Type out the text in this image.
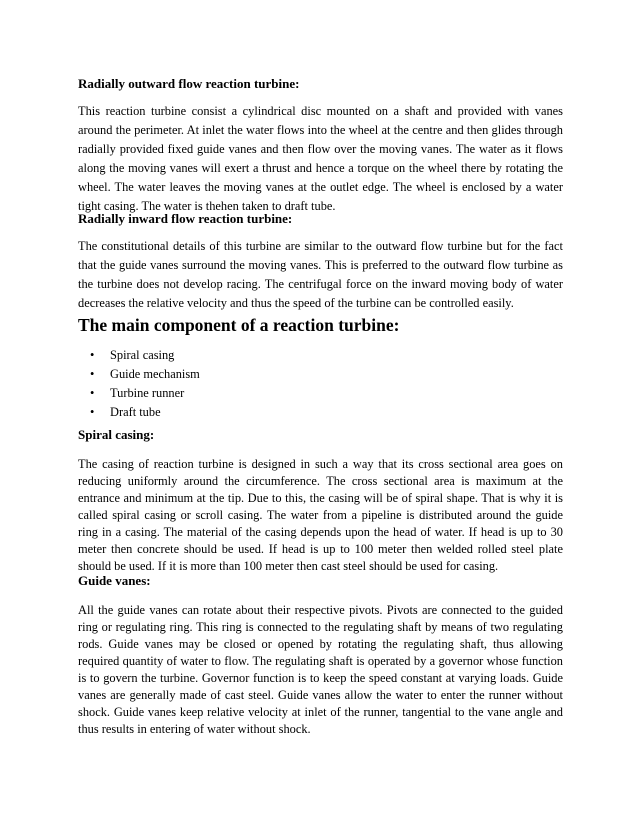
Radially outward flow reaction turbine:

This reaction turbine consist a cylindrical disc mounted on a shaft and provided with vanes around the perimeter. At inlet the water flows into the wheel at the centre and then glides through radially provided fixed guide vanes and then flow over the moving vanes. The water as it flows along the moving vanes will exert a thrust and hence a torque on the wheel there by rotating the wheel. The water leaves the moving vanes at the outlet edge. The wheel is enclosed by a water tight casing. The water is thehen taken to draft tube.

Radially inward flow reaction turbine:

The constitutional details of this turbine are similar to the outward flow turbine but for the fact that the guide vanes surround the moving vanes. This is preferred to the outward flow turbine as the turbine does not develop racing. The centrifugal force on the inward moving body of water decreases the relative velocity and thus the speed of the turbine can be controlled easily.

The main component of a reaction turbine:
• Spiral casing
• Guide mechanism
• Turbine runner
• Draft tube
Spiral casing:

The casing of reaction turbine is designed in such a way that its cross sectional area goes on reducing uniformly around the circumference. The cross sectional area is maximum at the entrance and minimum at the tip. Due to this, the casing will be of spiral shape. That is why it is called spiral casing or scroll casing. The water from a pipeline is distributed around the guide ring in a casing. The material of the casing depends upon the head of water. If head is up to 30 meter then concrete should be used. If head is up to 100 meter then welded rolled steel plate should be used. If it is more than 100 meter then cast steel should be used for casing.

Guide vanes:

All the guide vanes can rotate about their respective pivots. Pivots are connected to the guided ring or regulating ring. This ring is connected to the regulating shaft by means of two regulating rods. Guide vanes may be closed or opened by rotating the regulating shaft, thus allowing required quantity of water to flow. The regulating shaft is operated by a governor whose function is to govern the turbine. Governor function is to keep the speed constant at varying loads. Guide vanes are generally made of cast steel. Guide vanes allow the water to enter the runner without shock. Guide vanes keep relative velocity at inlet of the runner, tangential to the vane angle and thus results in entering of water without shock.
